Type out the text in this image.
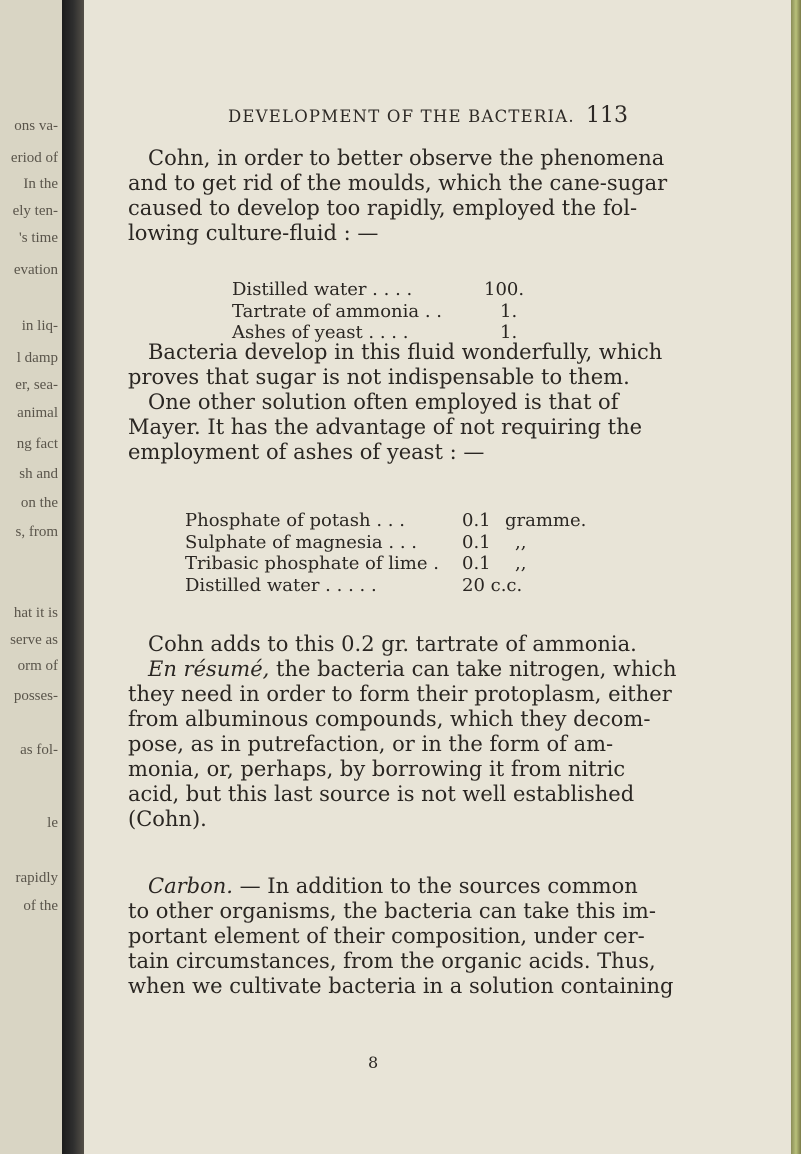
ons va-
eriod of
In the
ely ten-
's time
evation
in liq-
l damp
er, sea-
animal
ng fact
sh and
on the
s, from
hat it is
serve as
orm of
posses-
as fol-
le
rapidly
of the
DEVELOPMENT OF THE BACTERIA. 113

Cohn, in order to better observe the phenomena

and to get rid of the moulds, which the cane-sugar

caused to develop too rapidly, employed the fol-

lowing culture-fluid : —

Distilled water . . . .	100.
Tartrate of ammonia . .	1.
Ashes of yeast . . . .	1.

Bacteria develop in this fluid wonderfully, which

proves that sugar is not indispensable to them.

One other solution often employed is that of

Mayer. It has the advantage of not requiring the

employment of ashes of yeast : —

Phosphate of potash . . .	0.1 gramme.
Sulphate of magnesia . . .	0.1 ,,
Tribasic phosphate of lime . 0.1 ,,
Distilled water . . . . .	20 c.c.

Cohn adds to this 0.2 gr. tartrate of ammonia.

En résumé, the bacteria can take nitrogen, which

they need in order to form their protoplasm, either

from albuminous compounds, which they decom-

pose, as in putrefaction, or in the form of am-

monia, or, perhaps, by borrowing it from nitric

acid, but this last source is not well established

(Cohn).

Carbon. — In addition to the sources common

to other organisms, the bacteria can take this im-

portant element of their composition, under cer-

tain circumstances, from the organic acids. Thus,

when we cultivate bacteria in a solution containing

8
